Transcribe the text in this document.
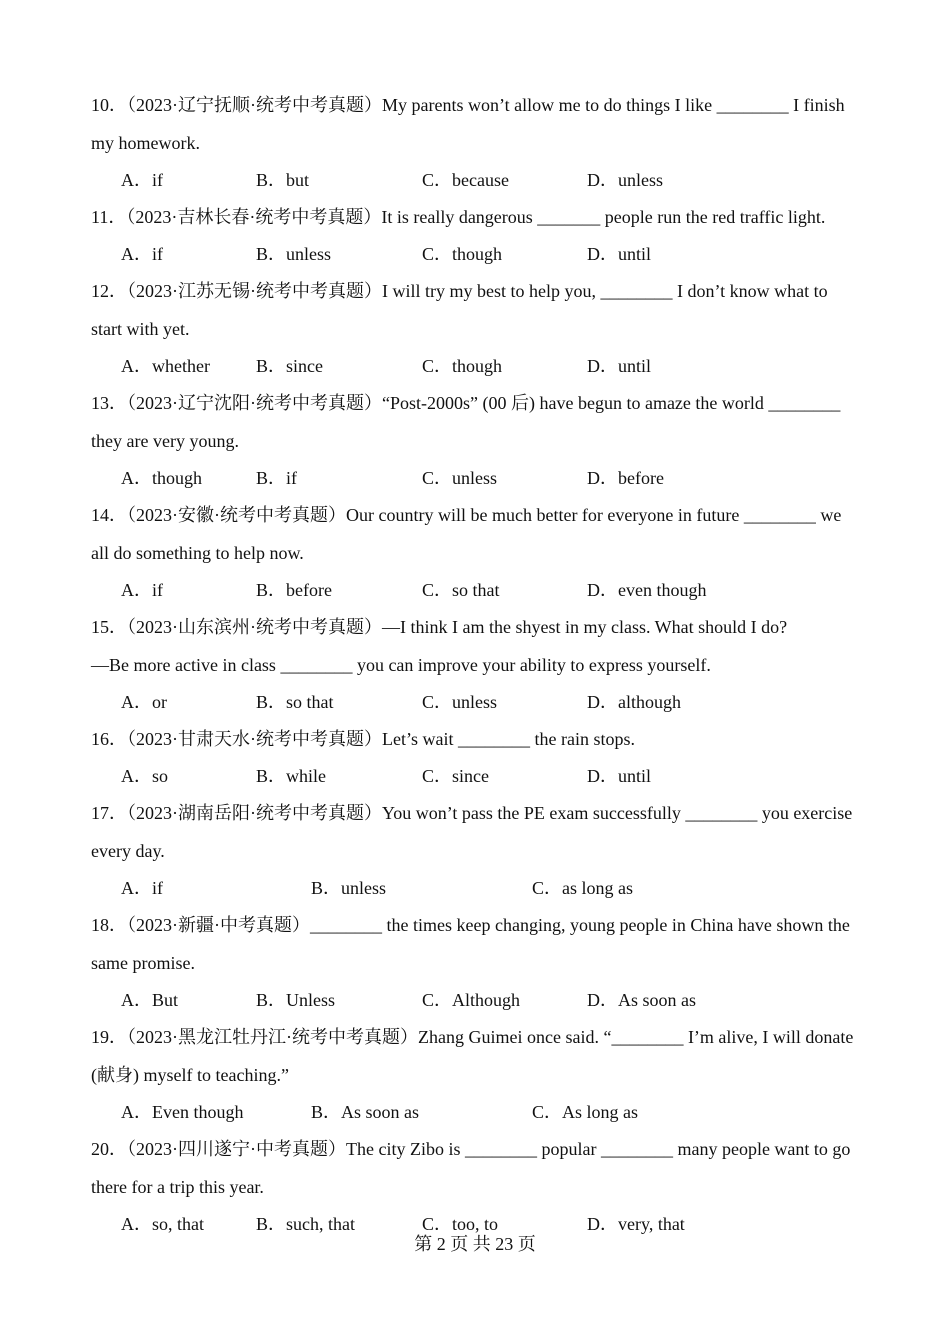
10．（2023·辽宁抚顺·统考中考真题）My parents won’t allow me to do things I like ________ I finish my homework.
A．if	B．but	C．because	D．unless
11．（2023·吉林长春·统考中考真题）It is really dangerous _______ people run the red traffic light.
A．if	B．unless	C．though	D．until
12．（2023·江苏无锡·统考中考真题）I will try my best to help you, ________ I don’t know what to start with yet.
A．whether	B．since	C．though	D．until
13．（2023·辽宁沈阳·统考中考真题）“Post-2000s” (00 后) have begun to amaze the world ________ they are very young.
A．though	B．if	C．unless	D．before
14．（2023·安徽·统考中考真题）Our country will be much better for everyone in future ________ we all do something to help now.
A．if	B．before	C．so that	D．even though
15．（2023·山东滨州·统考中考真题）—I think I am the shyest in my class. What should I do?
—Be more active in class ________ you can improve your ability to express yourself.
A．or	B．so that	C．unless	D．although
16．（2023·甘肃天水·统考中考真题）Let’s wait ________ the rain stops.
A．so	B．while	C．since	D．until
17．（2023·湖南岳阳·统考中考真题）You won’t pass the PE exam successfully ________ you exercise every day.
A．if	B．unless	C．as long as
18．（2023·新疆·中考真题）________ the times keep changing, young people in China have shown the same promise.
A．But	B．Unless	C．Although	D．As soon as
19．（2023·黑龙江牡丹江·统考中考真题）Zhang Guimei once said. “________ I’m alive, I will donate (献身) myself to teaching.”
A．Even though	B．As soon as	C．As long as
20．（2023·四川遂宁·中考真题）The city Zibo is ________ popular ________ many people want to go there for a trip this year.
A．so, that	B．such, that	C．too, to	D．very, that
第 2 页 共 23 页
